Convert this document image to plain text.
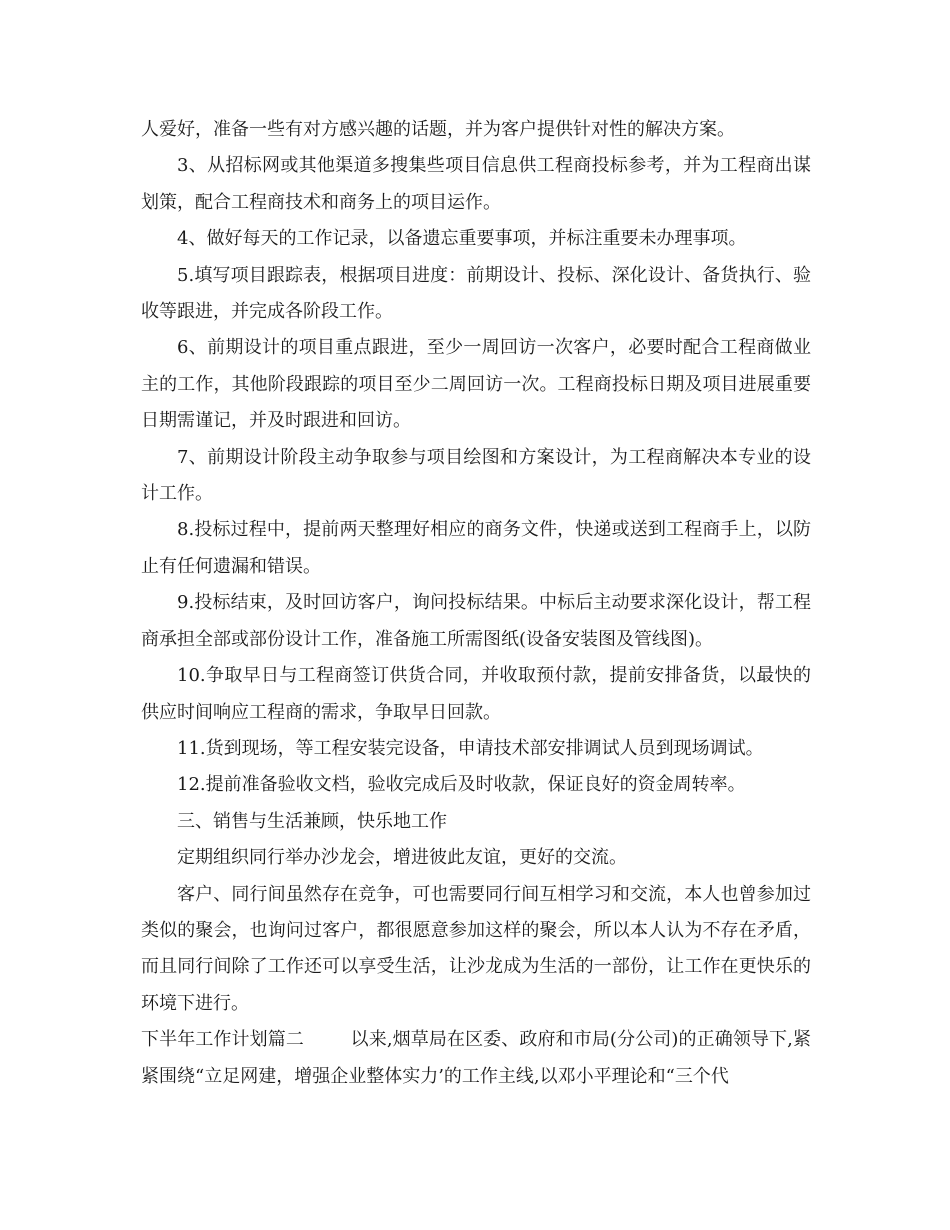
人爱好，准备一些有对方感兴趣的话题，并为客户提供针对性的解决方案。

3、从招标网或其他渠道多搜集些项目信息供工程商投标参考，并为工程商出谋划策，配合工程商技术和商务上的项目运作。

4、做好每天的工作记录，以备遗忘重要事项，并标注重要未办理事项。

5.填写项目跟踪表，根据项目进度：前期设计、投标、深化设计、备货执行、验收等跟进，并完成各阶段工作。

6、前期设计的项目重点跟进，至少一周回访一次客户，必要时配合工程商做业主的工作，其他阶段跟踪的项目至少二周回访一次。工程商投标日期及项目进展重要日期需谨记，并及时跟进和回访。

7、前期设计阶段主动争取参与项目绘图和方案设计，为工程商解决本专业的设计工作。

8.投标过程中，提前两天整理好相应的商务文件，快递或送到工程商手上，以防止有任何遗漏和错误。

9.投标结束，及时回访客户，询问投标结果。中标后主动要求深化设计，帮工程商承担全部或部份设计工作，准备施工所需图纸(设备安装图及管线图)。

10.争取早日与工程商签订供货合同，并收取预付款，提前安排备货，以最快的供应时间响应工程商的需求，争取早日回款。

11.货到现场，等工程安装完设备，申请技术部安排调试人员到现场调试。

12.提前准备验收文档，验收完成后及时收款，保证良好的资金周转率。

三、销售与生活兼顾，快乐地工作

定期组织同行举办沙龙会，增进彼此友谊，更好的交流。

客户、同行间虽然存在竞争，可也需要同行间互相学习和交流，本人也曾参加过类似的聚会，也询问过客户，都很愿意参加这样的聚会，所以本人认为不存在矛盾，而且同行间除了工作还可以享受生活，让沙龙成为生活的一部份，让工作在更快乐的环境下进行。

下半年工作计划篇二        以来,烟草局在区委、政府和市局(分公司)的正确领导下,紧紧围绕“立足网建，增强企业整体实力’的工作主线,以邓小平理论和“三个代
